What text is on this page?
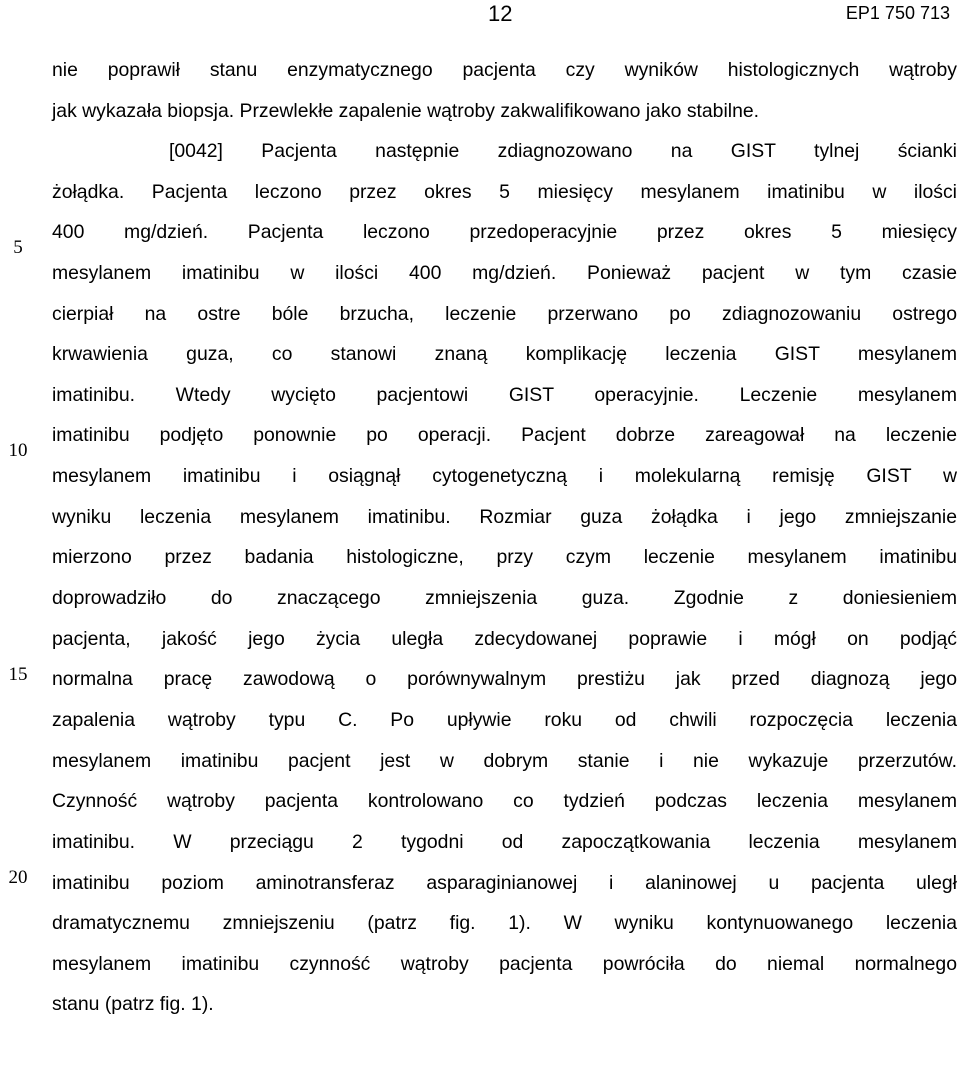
12	EP1 750 713
5
10
15
20
nie poprawił stanu enzymatycznego pacjenta czy wyników histologicznych wątroby
jak wykazała biopsja. Przewlekłe zapalenie wątroby zakwalifikowano jako stabilne.
[0042] Pacjenta następnie zdiagnozowano na GIST tylnej ścianki
żołądka. Pacjenta leczono przez okres 5 miesięcy mesylanem imatinibu w ilości
400 mg/dzień. Pacjenta leczono przedoperacyjnie przez okres 5 miesięcy
mesylanem imatinibu w ilości 400 mg/dzień. Ponieważ pacjent w tym czasie
cierpiał na ostre bóle brzucha, leczenie przerwano po zdiagnozowaniu ostrego
krwawienia guza, co stanowi znaną komplikację leczenia GIST mesylanem
imatinibu. Wtedy wycięto pacjentowi GIST operacyjnie. Leczenie mesylanem
imatinibu podjęto ponownie po operacji. Pacjent dobrze zareagował na leczenie
mesylanem imatinibu i osiągnął cytogenetyczną i molekularną remisję GIST w
wyniku leczenia mesylanem imatinibu. Rozmiar guza żołądka i jego zmniejszanie
mierzono przez badania histologiczne, przy czym leczenie mesylanem imatinibu
doprowadziło do znaczącego zmniejszenia guza. Zgodnie z doniesieniem
pacjenta, jakość jego życia uległa zdecydowanej poprawie i mógł on podjąć
normalna pracę zawodową o porównywalnym prestiżu jak przed diagnozą jego
zapalenia wątroby typu C. Po upływie roku od chwili rozpoczęcia leczenia
mesylanem imatinibu pacjent jest w dobrym stanie i nie wykazuje przerzutów.
Czynność wątroby pacjenta kontrolowano co tydzień podczas leczenia mesylanem
imatinibu. W przeciągu 2 tygodni od zapoczątkowania leczenia mesylanem
imatinibu poziom aminotransferaz asparaginianowej i alaninowej u pacjenta uległ
dramatycznemu zmniejszeniu (patrz fig. 1). W wyniku kontynuowanego leczenia
mesylanem imatinibu czynność wątroby pacjenta powróciła do niemal normalnego
stanu (patrz fig. 1).
